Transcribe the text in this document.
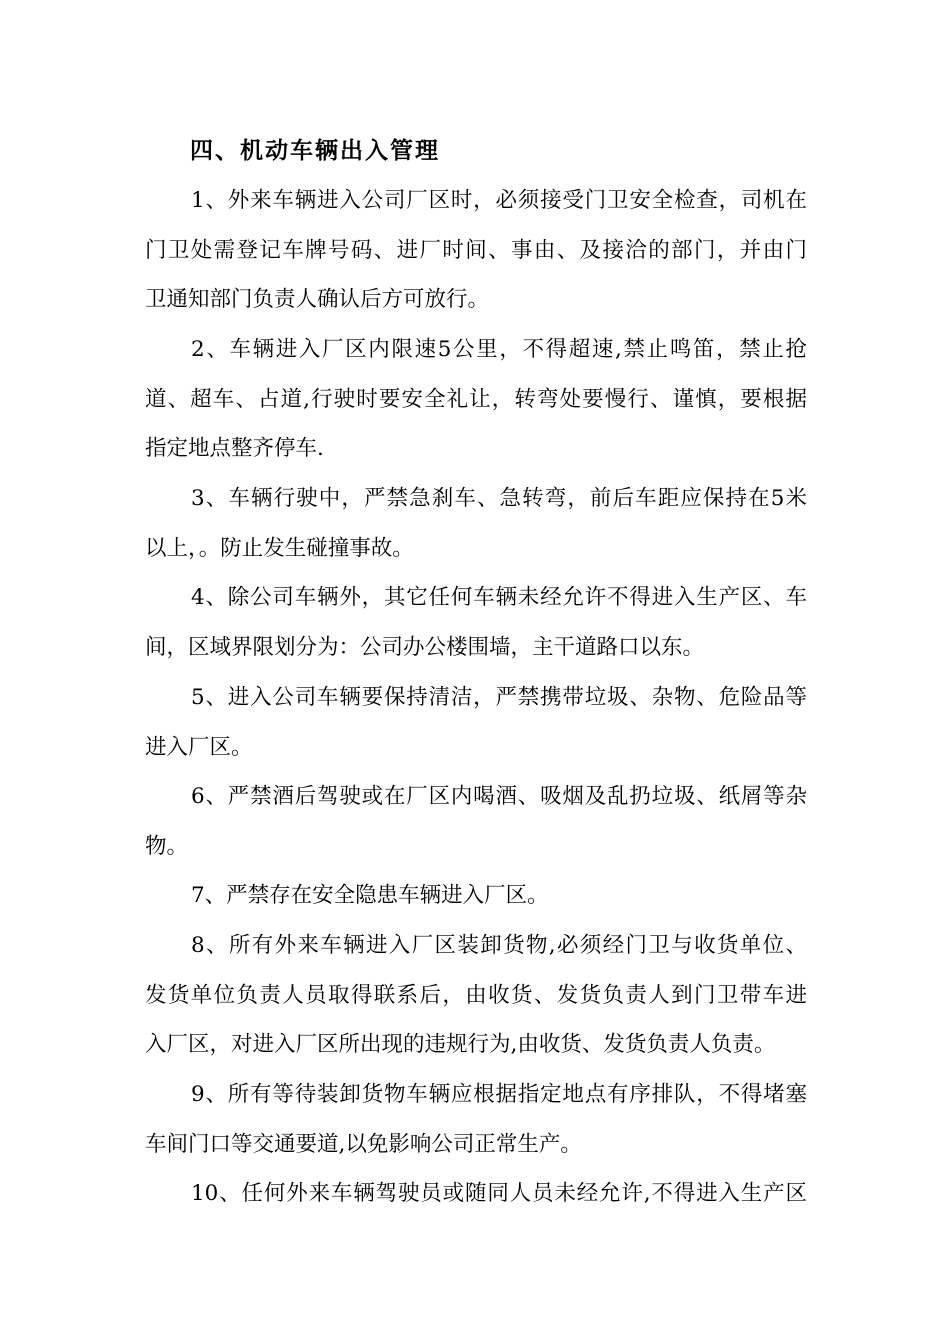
四、机动车辆出入管理
1、外来车辆进入公司厂区时，必须接受门卫安全检查，司机在
门卫处需登记车牌号码、进厂时间、事由、及接洽的部门，并由门
卫通知部门负责人确认后方可放行。
2、车辆进入厂区内限速5公里，不得超速,禁止鸣笛，禁止抢
道、超车、占道,行驶时要安全礼让，转弯处要慢行、谨慎，要根据
指定地点整齐停车.
3、车辆行驶中，严禁急刹车、急转弯，前后车距应保持在5米
以上，。防止发生碰撞事故。
4、除公司车辆外，其它任何车辆未经允许不得进入生产区、车
间，区域界限划分为：公司办公楼围墙，主干道路口以东。
5、进入公司车辆要保持清洁，严禁携带垃圾、杂物、危险品等
进入厂区。
6、严禁酒后驾驶或在厂区内喝酒、吸烟及乱扔垃圾、纸屑等杂
物。
7、严禁存在安全隐患车辆进入厂区。
8、所有外来车辆进入厂区装卸货物,必须经门卫与收货单位、
发货单位负责人员取得联系后，由收货、发货负责人到门卫带车进
入厂区，对进入厂区所出现的违规行为,由收货、发货负责人负责。
9、所有等待装卸货物车辆应根据指定地点有序排队，不得堵塞
车间门口等交通要道,以免影响公司正常生产。
10、任何外来车辆驾驶员或随同人员未经允许,不得进入生产区
